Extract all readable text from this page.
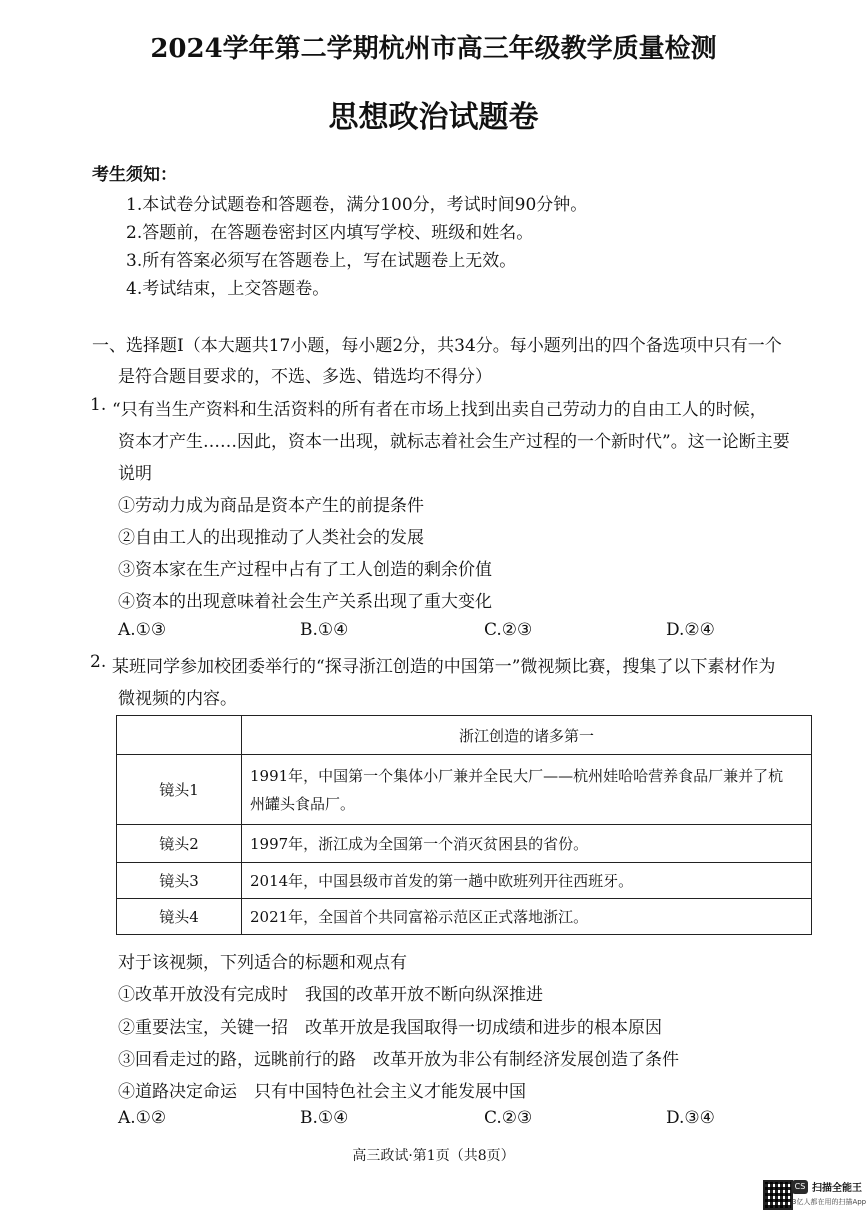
2024学年第二学期杭州市高三年级教学质量检测
思想政治试题卷
考生须知：
1.本试卷分试题卷和答题卷，满分100分，考试时间90分钟。
2.答题前，在答题卷密封区内填写学校、班级和姓名。
3.所有答案必须写在答题卷上，写在试题卷上无效。
4.考试结束，上交答题卷。
一、选择题Ⅰ（本大题共17小题，每小题2分，共34分。每小题列出的四个备选项中只有一个
是符合题目要求的，不选、多选、错选均不得分）
1. “只有当生产资料和生活资料的所有者在市场上找到出卖自己劳动力的自由工人的时候，
资本才产生……因此，资本一出现，就标志着社会生产过程的一个新时代”。这一论断主要
说明
①劳动力成为商品是资本产生的前提条件
②自由工人的出现推动了人类社会的发展
③资本家在生产过程中占有了工人创造的剩余价值
④资本的出现意味着社会生产关系出现了重大变化
A.①③	B.①④	C.②③	D.②④
2. 某班同学参加校团委举行的“探寻浙江创造的中国第一”微视频比赛，搜集了以下素材作为
微视频的内容。
	浙江创造的诸多第一
镜头1	1991年，中国第一个集体小厂兼并全民大厂——杭州娃哈哈营养食品厂兼并了杭
州罐头食品厂。

镜头2	1997年，浙江成为全国第一个消灭贫困县的省份。
镜头3	2014年，中国县级市首发的第一趟中欧班列开往西班牙。
镜头4	2021年，全国首个共同富裕示范区正式落地浙江。
对于该视频，下列适合的标题和观点有
①改革开放没有完成时　我国的改革开放不断向纵深推进
②重要法宝，关键一招　改革开放是我国取得一切成绩和进步的根本原因
③回看走过的路，远眺前行的路　改革开放为非公有制经济发展创造了条件
④道路决定命运　只有中国特色社会主义才能发展中国
A.①②	B.①④	C.②③	D.③④
高三政试·第1页（共8页）
CS 扫描全能王
3亿人都在用的扫描App
